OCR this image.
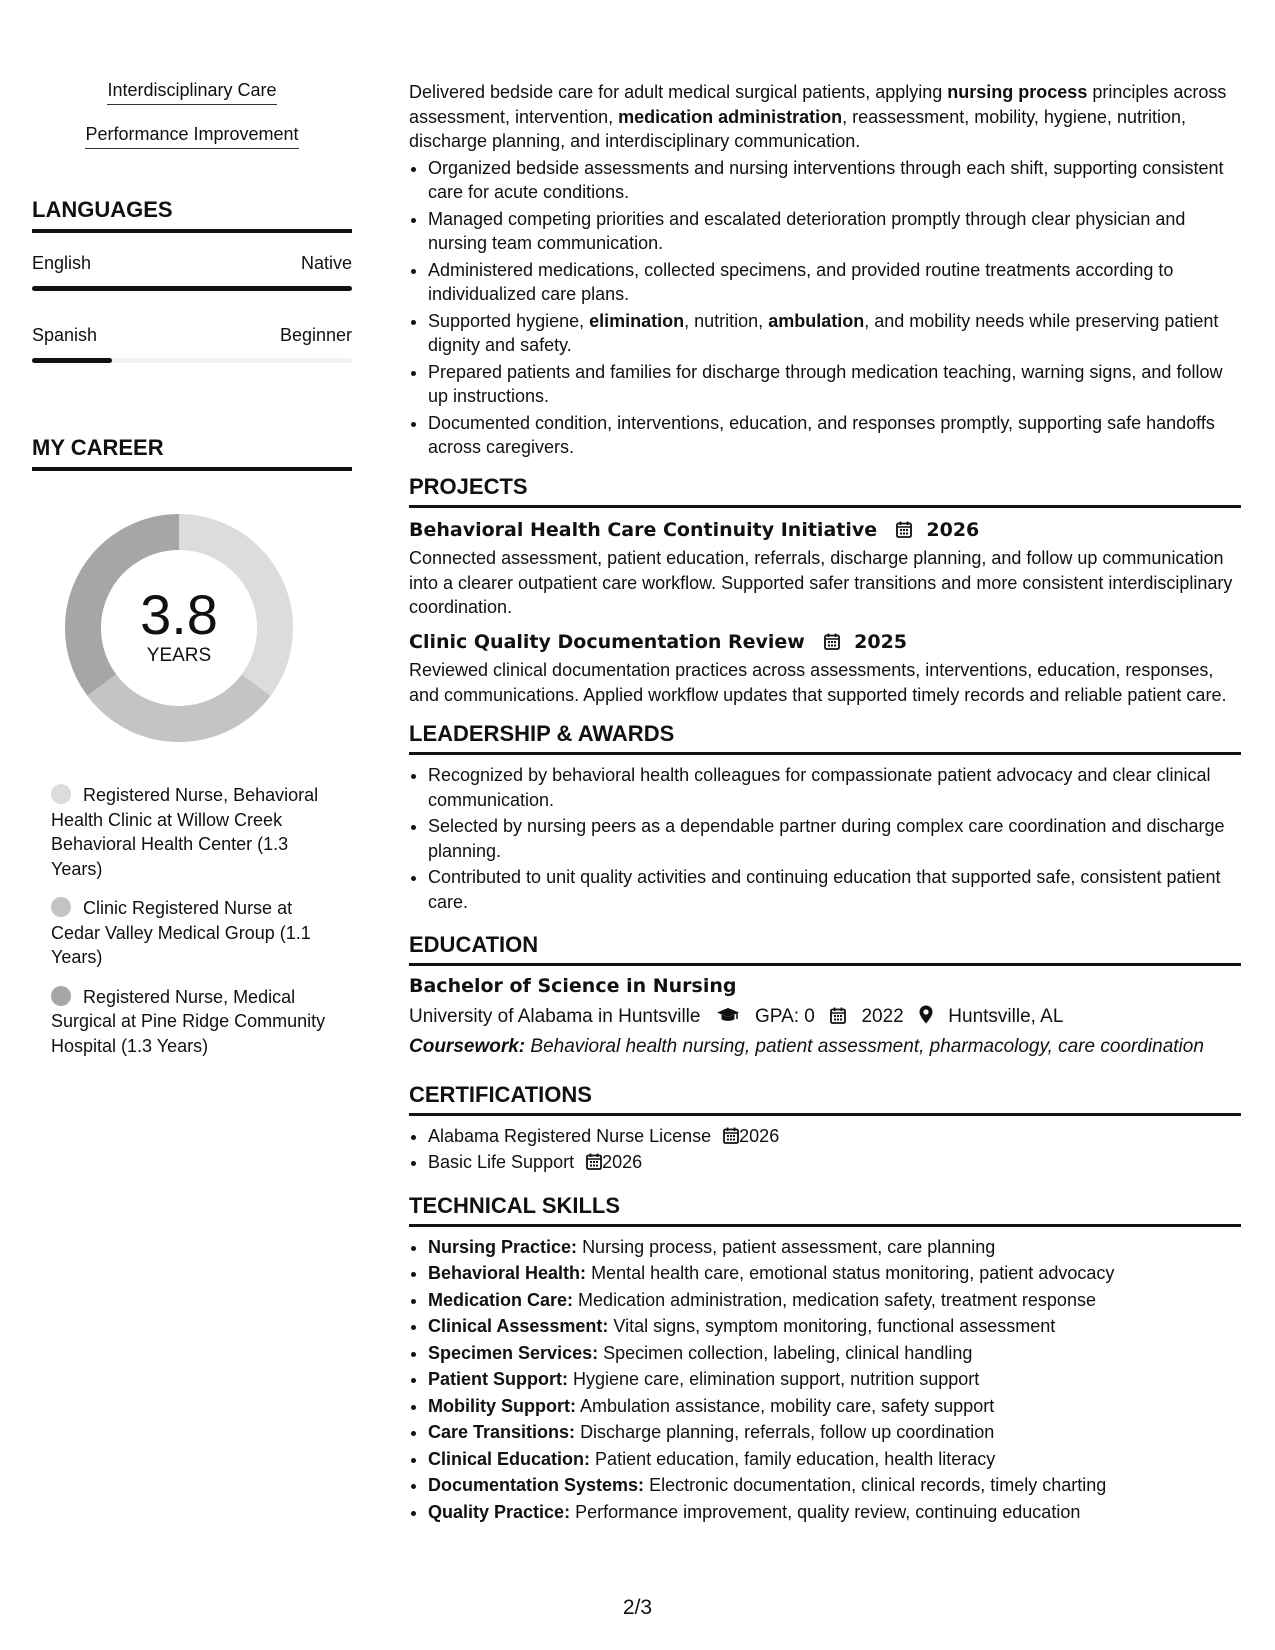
Interdisciplinary Care
Performance Improvement
LANGUAGES
English	Native
Spanish	Beginner
MY CAREER
3.8
YEARS
Registered Nurse, Behavioral Health Clinic at Willow Creek Behavioral Health Center (1.3 Years)
Clinic Registered Nurse at Cedar Valley Medical Group (1.1 Years)
Registered Nurse, Medical Surgical at Pine Ridge Community Hospital (1.3 Years)

Delivered bedside care for adult medical surgical patients, applying nursing process principles across assessment, intervention, medication administration, reassessment, mobility, hygiene, nutrition, discharge planning, and interdisciplinary communication.

• Organized bedside assessments and nursing interventions through each shift, supporting consistent care for acute conditions.
• Managed competing priorities and escalated deterioration promptly through clear physician and nursing team communication.
• Administered medications, collected specimens, and provided routine treatments according to individualized care plans.
• Supported hygiene, elimination, nutrition, ambulation, and mobility needs while preserving patient dignity and safety.
• Prepared patients and families for discharge through medication teaching, warning signs, and follow up instructions.
• Documented condition, interventions, education, and responses promptly, supporting safe handoffs across caregivers.
PROJECTS
Behavioral Health Care Continuity Initiative	2026
Connected assessment, patient education, referrals, discharge planning, and follow up communication into a clearer outpatient care workflow. Supported safer transitions and more consistent interdisciplinary coordination.
Clinic Quality Documentation Review	2025
Reviewed clinical documentation practices across assessments, interventions, education, responses, and communications. Applied workflow updates that supported timely records and reliable patient care.
LEADERSHIP & AWARDS
• Recognized by behavioral health colleagues for compassionate patient advocacy and clear clinical communication.
• Selected by nursing peers as a dependable partner during complex care coordination and discharge planning.
• Contributed to unit quality activities and continuing education that supported safe, consistent patient care.
EDUCATION
Bachelor of Science in Nursing
University of Alabama in Huntsville	GPA: 0 2022 Huntsville, AL
Coursework: Behavioral health nursing, patient assessment, pharmacology, care coordination
CERTIFICATIONS
• Alabama Registered Nurse License 2026
• Basic Life Support 2026
TECHNICAL SKILLS
• Nursing Practice: Nursing process, patient assessment, care planning
• Behavioral Health: Mental health care, emotional status monitoring, patient advocacy
• Medication Care: Medication administration, medication safety, treatment response
• Clinical Assessment: Vital signs, symptom monitoring, functional assessment
• Specimen Services: Specimen collection, labeling, clinical handling
• Patient Support: Hygiene care, elimination support, nutrition support
• Mobility Support: Ambulation assistance, mobility care, safety support
• Care Transitions: Discharge planning, referrals, follow up coordination
• Clinical Education: Patient education, family education, health literacy
• Documentation Systems: Electronic documentation, clinical records, timely charting
• Quality Practice: Performance improvement, quality review, continuing education
2/3
